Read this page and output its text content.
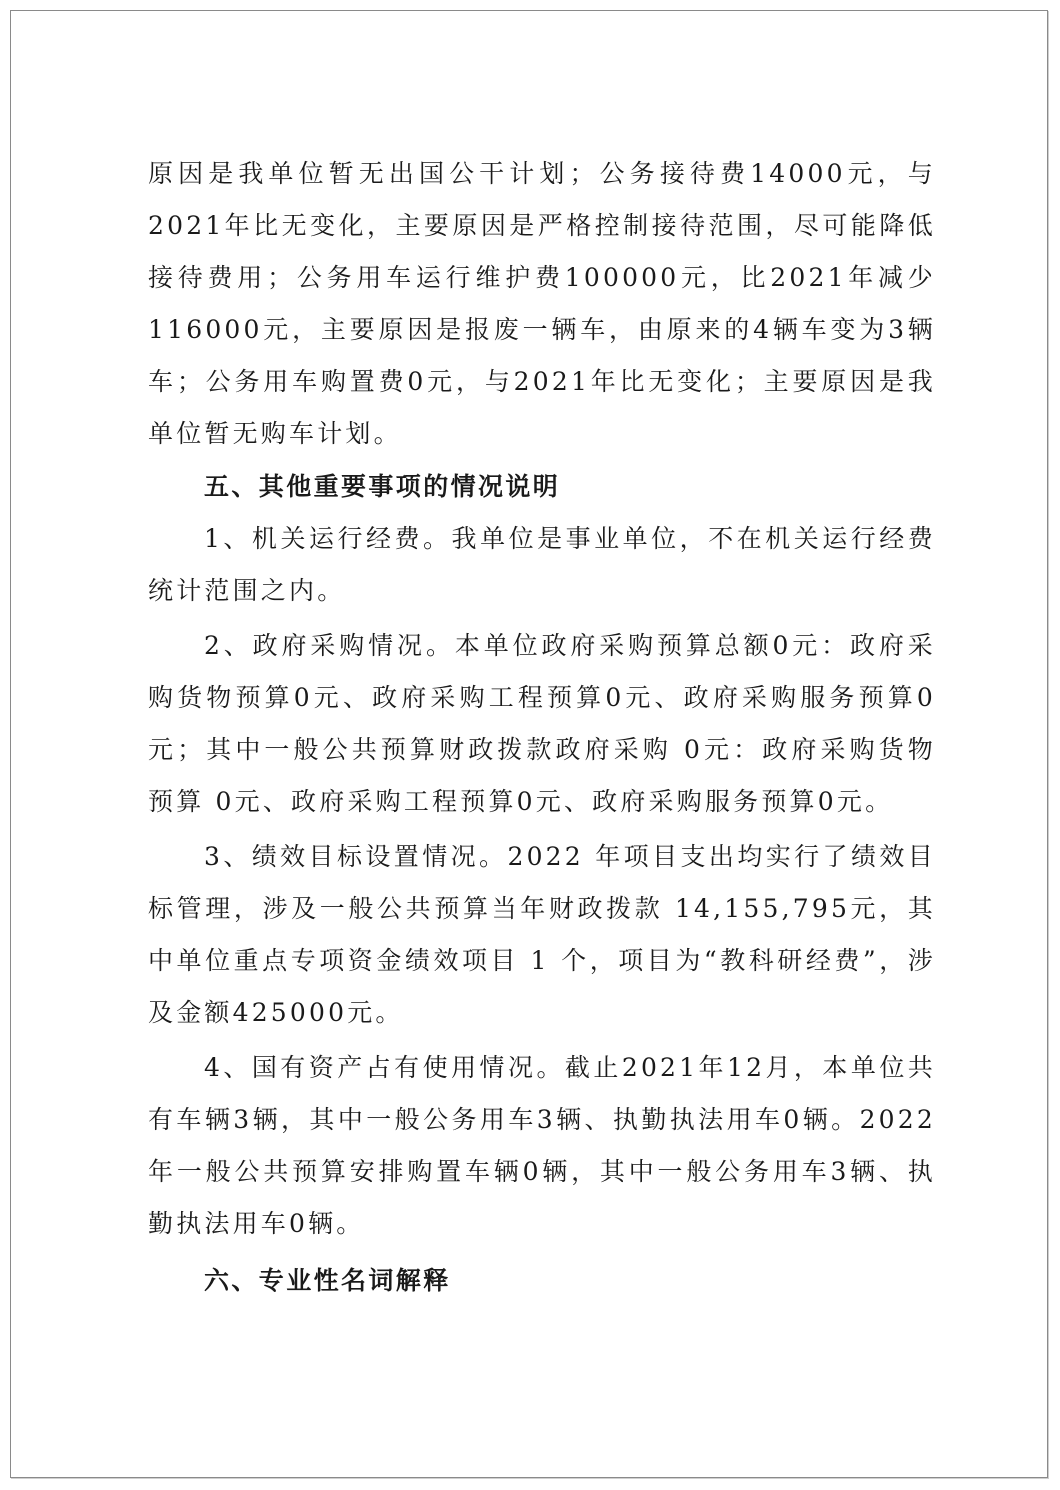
原因是我单位暂无出国公干计划；公务接待费14000元，与2021年比无变化，主要原因是严格控制接待范围，尽可能降低接待费用；公务用车运行维护费100000元，比2021年减少116000元，主要原因是报废一辆车，由原来的4辆车变为3辆车；公务用车购置费0元，与2021年比无变化；主要原因是我单位暂无购车计划。

五、其他重要事项的情况说明

1、机关运行经费。我单位是事业单位，不在机关运行经费统计范围之内。

2、政府采购情况。本单位政府采购预算总额0元：政府采购货物预算0元、政府采购工程预算0元、政府采购服务预算0元；其中一般公共预算财政拨款政府采购 0元：政府采购货物预算 0元、政府采购工程预算0元、政府采购服务预算0元。

3、绩效目标设置情况。2022 年项目支出均实行了绩效目标管理，涉及一般公共预算当年财政拨款 14,155,795元，其中单位重点专项资金绩效项目 1 个，项目为“教科研经费”，涉及金额425000元。

4、国有资产占有使用情况。截止2021年12月，本单位共有车辆3辆，其中一般公务用车3辆、执勤执法用车0辆。2022年一般公共预算安排购置车辆0辆，其中一般公务用车3辆、执勤执法用车0辆。

六、专业性名词解释
